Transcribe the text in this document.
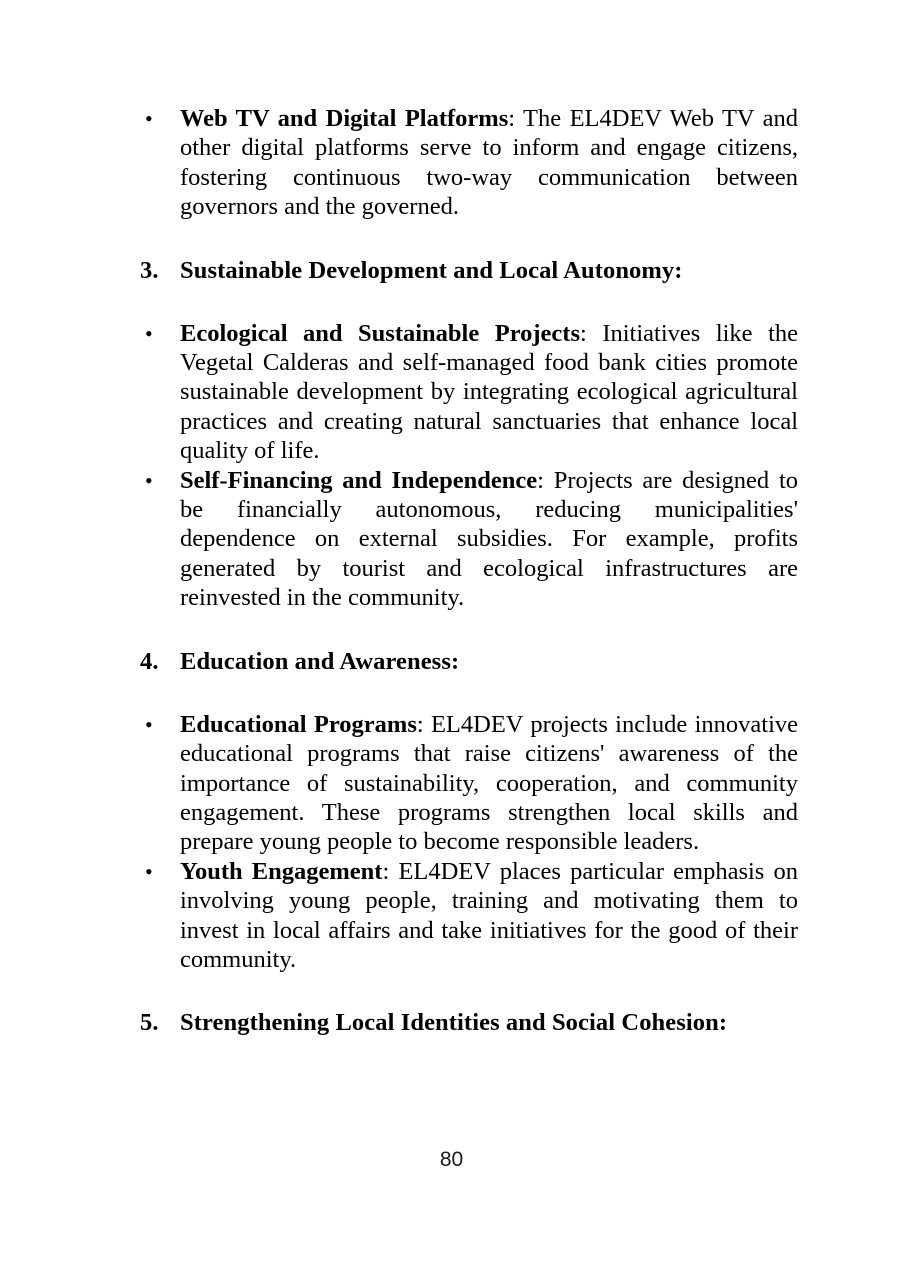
• Web TV and Digital Platforms: The EL4DEV Web TV and other digital platforms serve to inform and engage citizens, fostering continuous two-way communication between governors and the governed.
3. Sustainable Development and Local Autonomy:
• Ecological and Sustainable Projects: Initiatives like the Vegetal Calderas and self-managed food bank cities promote sustainable development by integrating ecological agricultural practices and creating natural sanctuaries that enhance local quality of life.
• Self-Financing and Independence: Projects are designed to be financially autonomous, reducing municipalities' dependence on external subsidies. For example, profits generated by tourist and ecological infrastructures are reinvested in the community.
4. Education and Awareness:
• Educational Programs: EL4DEV projects include innovative educational programs that raise citizens' awareness of the importance of sustainability, cooperation, and community engagement. These programs strengthen local skills and prepare young people to become responsible leaders.
• Youth Engagement: EL4DEV places particular emphasis on involving young people, training and motivating them to invest in local affairs and take initiatives for the good of their community.
5. Strengthening Local Identities and Social Cohesion:
80
